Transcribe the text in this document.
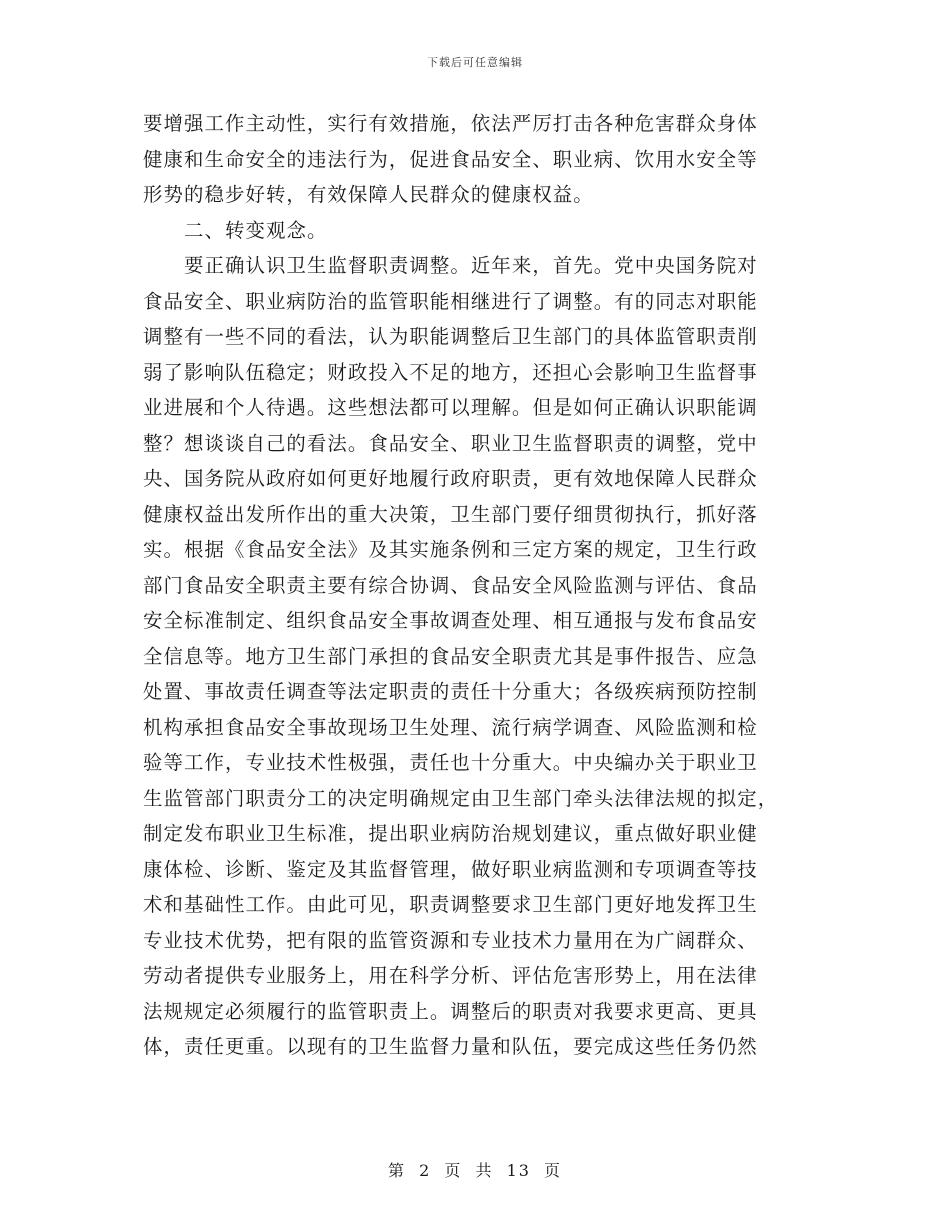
下载后可任意编辑
要增强工作主动性，实行有效措施，依法严厉打击各种危害群众身体
健康和生命安全的违法行为，促进食品安全、职业病、饮用水安全等
形势的稳步好转，有效保障人民群众的健康权益。
二、转变观念。
要正确认识卫生监督职责调整。近年来，首先。党中央国务院对
食品安全、职业病防治的监管职能相继进行了调整。有的同志对职能
调整有一些不同的看法，认为职能调整后卫生部门的具体监管职责削
弱了影响队伍稳定；财政投入不足的地方，还担心会影响卫生监督事
业进展和个人待遇。这些想法都可以理解。但是如何正确认识职能调
整？想谈谈自己的看法。食品安全、职业卫生监督职责的调整，党中
央、国务院从政府如何更好地履行政府职责，更有效地保障人民群众
健康权益出发所作出的重大决策，卫生部门要仔细贯彻执行，抓好落
实。根据《食品安全法》及其实施条例和三定方案的规定，卫生行政
部门食品安全职责主要有综合协调、食品安全风险监测与评估、食品
安全标准制定、组织食品安全事故调查处理、相互通报与发布食品安
全信息等。地方卫生部门承担的食品安全职责尤其是事件报告、应急
处置、事故责任调查等法定职责的责任十分重大；各级疾病预防控制
机构承担食品安全事故现场卫生处理、流行病学调查、风险监测和检
验等工作，专业技术性极强，责任也十分重大。中央编办关于职业卫
生监管部门职责分工的决定明确规定由卫生部门牵头法律法规的拟定，
制定发布职业卫生标准，提出职业病防治规划建议，重点做好职业健
康体检、诊断、鉴定及其监督管理，做好职业病监测和专项调查等技
术和基础性工作。由此可见，职责调整要求卫生部门更好地发挥卫生
专业技术优势，把有限的监管资源和专业技术力量用在为广阔群众、
劳动者提供专业服务上，用在科学分析、评估危害形势上，用在法律
法规规定必须履行的监管职责上。调整后的职责对我要求更高、更具
体，责任更重。以现有的卫生监督力量和队伍，要完成这些任务仍然
第 2 页 共 13 页
